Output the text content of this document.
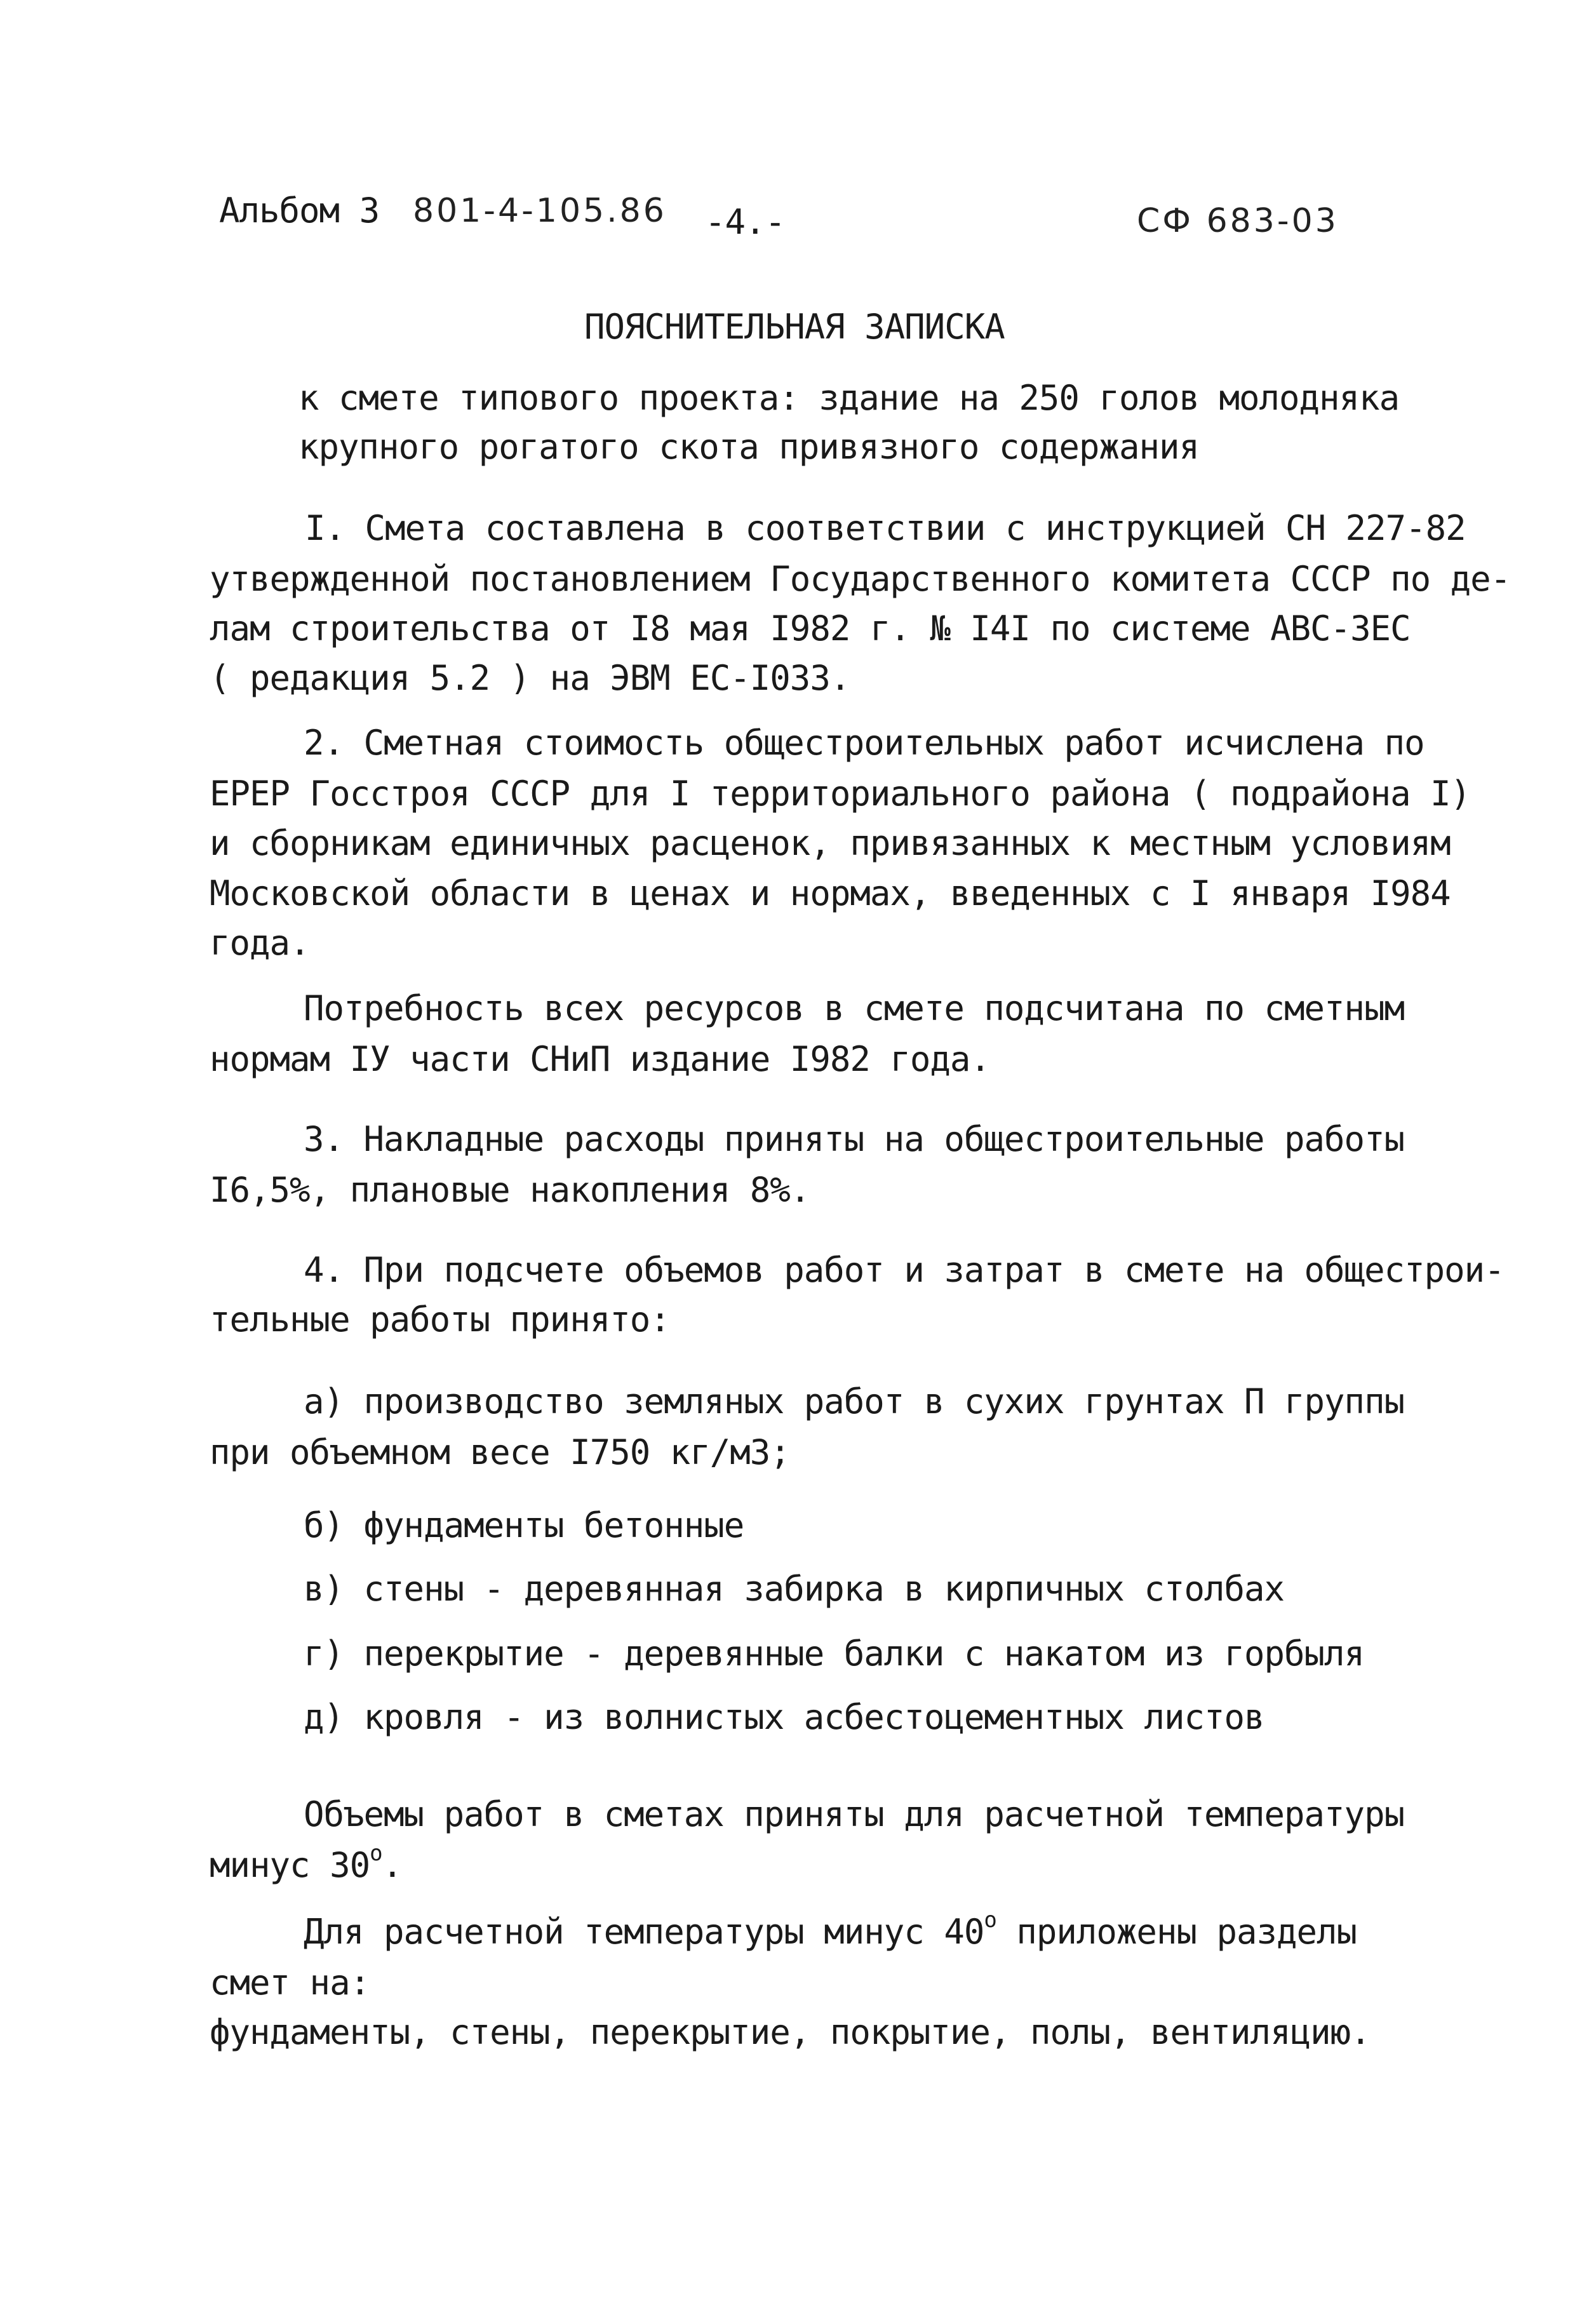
Альбом 3 801-4-105.86 -4.-	СФ 683-03
ПОЯСНИТЕЛЬНАЯ ЗАПИСКА
к смете типового проекта: здание на 250 голов молодняка
крупного рогатого скота привязного содержания
I. Смета составлена в соответствии с инструкцией СН 227-82
утвержденной постановлением Государственного комитета СССР по де-
лам строительства от I8 мая I982 г. № I4I по системе АВС-ЗЕС
( редакция 5.2 ) на ЭВМ ЕС-I033.
2. Сметная стоимость общестроительных работ исчислена по
ЕРЕР Госстроя СССР для I территориального района ( подрайона I)
и сборникам единичных расценок, привязанных к местным условиям
Московской области в ценах и нормах, введенных с I января I984
года.
Потребность всех ресурсов в смете подсчитана по сметным
нормам IУ части СНиП издание I982 года.
3. Накладные расходы приняты на общестроительные работы
I6,5%, плановые накопления 8%.
4. При подсчете объемов работ и затрат в смете на общестрои-
тельные работы принято:
а) производство земляных работ в сухих грунтах П группы
при объемном весе I750 кг/м3;
б) фундаменты бетонные
в) стены - деревянная забирка в кирпичных столбах
г) перекрытие - деревянные балки с накатом из горбыля
д) кровля - из волнистых асбестоцементных листов
Объемы работ в сметах приняты для расчетной температуры
минус $30^о$.
Для расчетной температуры минус $40^о$ приложены разделы
смет на:
фундаменты, стены, перекрытие, покрытие, полы, вентиляцию.
